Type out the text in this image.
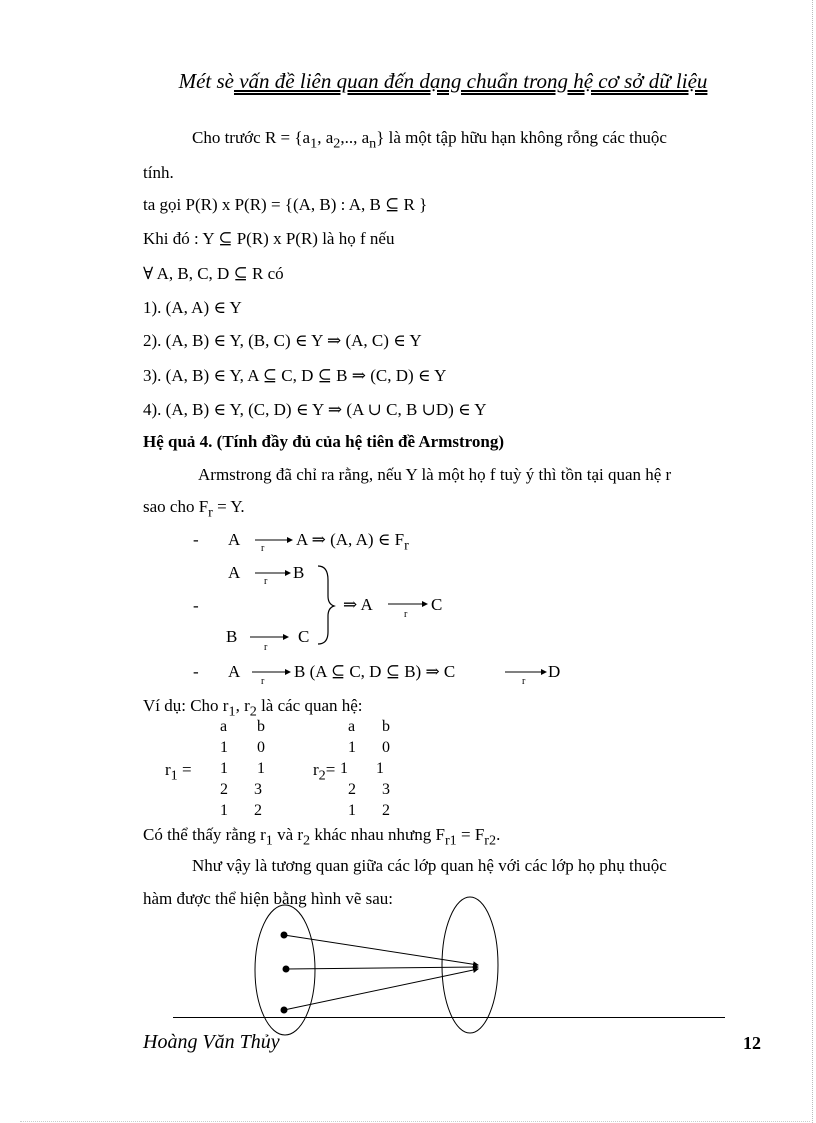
Mét sè vấn đề liên quan đến dạng chuẩn trong hệ cơ sở dữ liệu
Cho trước $R = \{a_1$, $a_2$,.., $a_n$} là một tập hữu hạn không rỗng các thuộc
tính.
ta gọi P(R) x P(R) = {(A, B) : A, B ⊆ R }
Khi đó : Y ⊆ P(R) x P(R) là họ f nếu
∀ A, B, C, D ⊆ R có
1). (A, A) ∈ Y
2). (A, B) ∈ Y, (B, C) ∈ Y ⇒ (A, C) ∈ Y
3). (A, B) ∈ Y, A ⊆ C, D ⊆ B ⇒ (C, D) ∈ Y
4). (A, B) ∈ Y, (C, D) ∈ Y ⇒ (A ∪ C, B ∪D) ∈ Y
Hệ quả 4. (Tính đầy đủ của hệ tiên đề Armstrong)
Armstrong đã chỉ ra rằng, nếu Y là một họ f tuỳ ý thì tồn tại quan hệ r
sao cho $F_r = Y$.
- A	A ⇒ (A, A) ∈ $F_r$
r
A	B
r
-	⇒ A	C
r
B	C
r
- A	B (A ⊆ C, D ⊆ B) ⇒ C	D
r	r
Ví dụ: Cho $r_1$, $r_2$ là các quan hệ:
$r_1$ =
a b
1 0
1 1
2 3
1 2
$r_2=$
a b
1 0
1 1
2 3
1 2
Có thể thấy rằng $r_1$ và $r_2$ khác nhau nhưng $F_{r1} = F_{r2}$.
Như vậy là tương quan giữa các lớp quan hệ với các lớp họ phụ thuộc
hàm được thể hiện bằng hình vẽ sau:
Hoàng Văn Thủy	12
